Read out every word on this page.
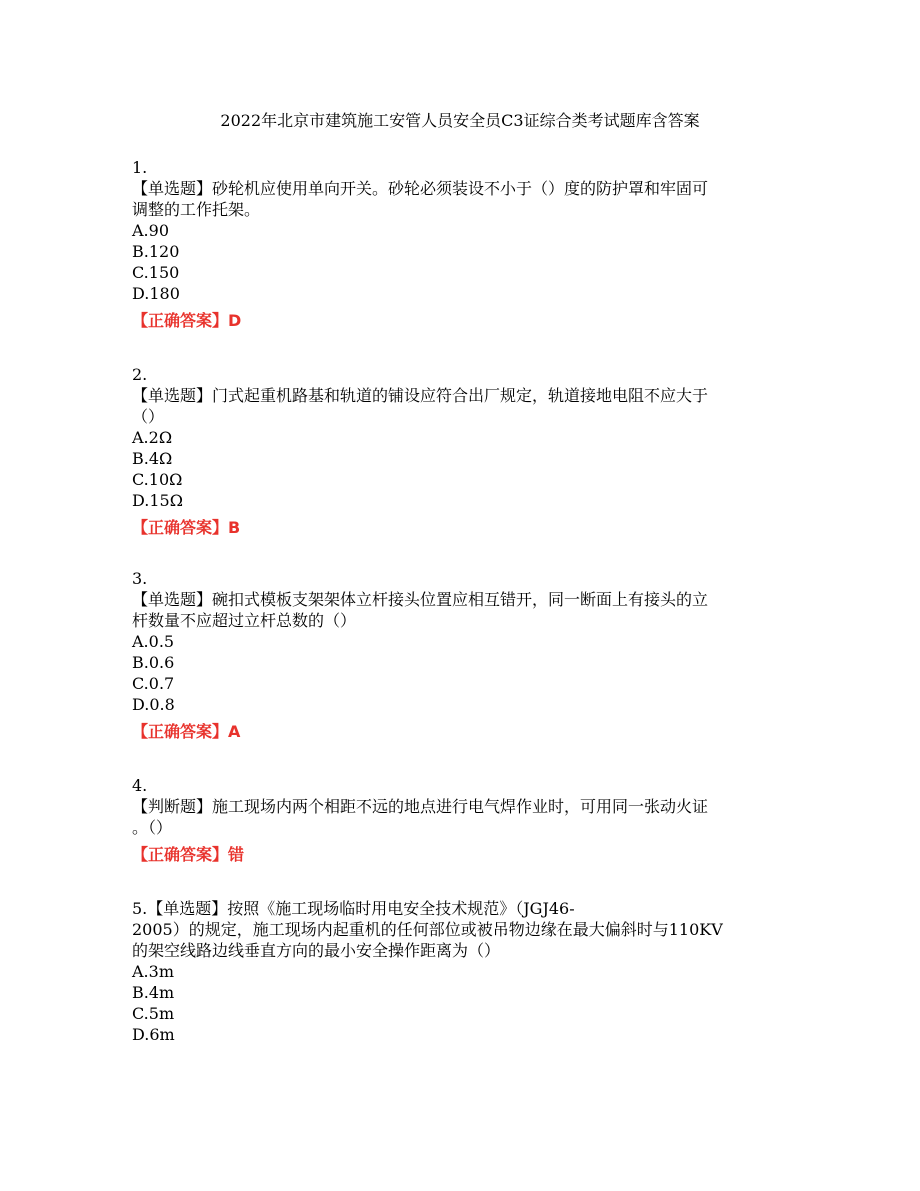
2022年北京市建筑施工安管人员安全员C3证综合类考试题库含答案
1.
【单选题】砂轮机应使用单向开关。砂轮必须装设不小于（）度的防护罩和牢固可
调整的工作托架。
A.90
B.120
C.150
D.180
【正确答案】D
2.
【单选题】门式起重机路基和轨道的铺设应符合出厂规定，轨道接地电阻不应大于
（）
A.2Ω
B.4Ω
C.10Ω
D.15Ω
【正确答案】B
3.
【单选题】碗扣式模板支架架体立杆接头位置应相互错开，同一断面上有接头的立
杆数量不应超过立杆总数的（）
A.0.5
B.0.6
C.0.7
D.0.8
【正确答案】A
4.
【判断题】施工现场内两个相距不远的地点进行电气焊作业时，可用同一张动火证
。（）
【正确答案】错
5.【单选题】按照《施工现场临时用电安全技术规范》（JGJ46-
2005）的规定，施工现场内起重机的任何部位或被吊物边缘在最大偏斜时与110KV
的架空线路边线垂直方向的最小安全操作距离为（）
A.3m
B.4m
C.5m
D.6m
